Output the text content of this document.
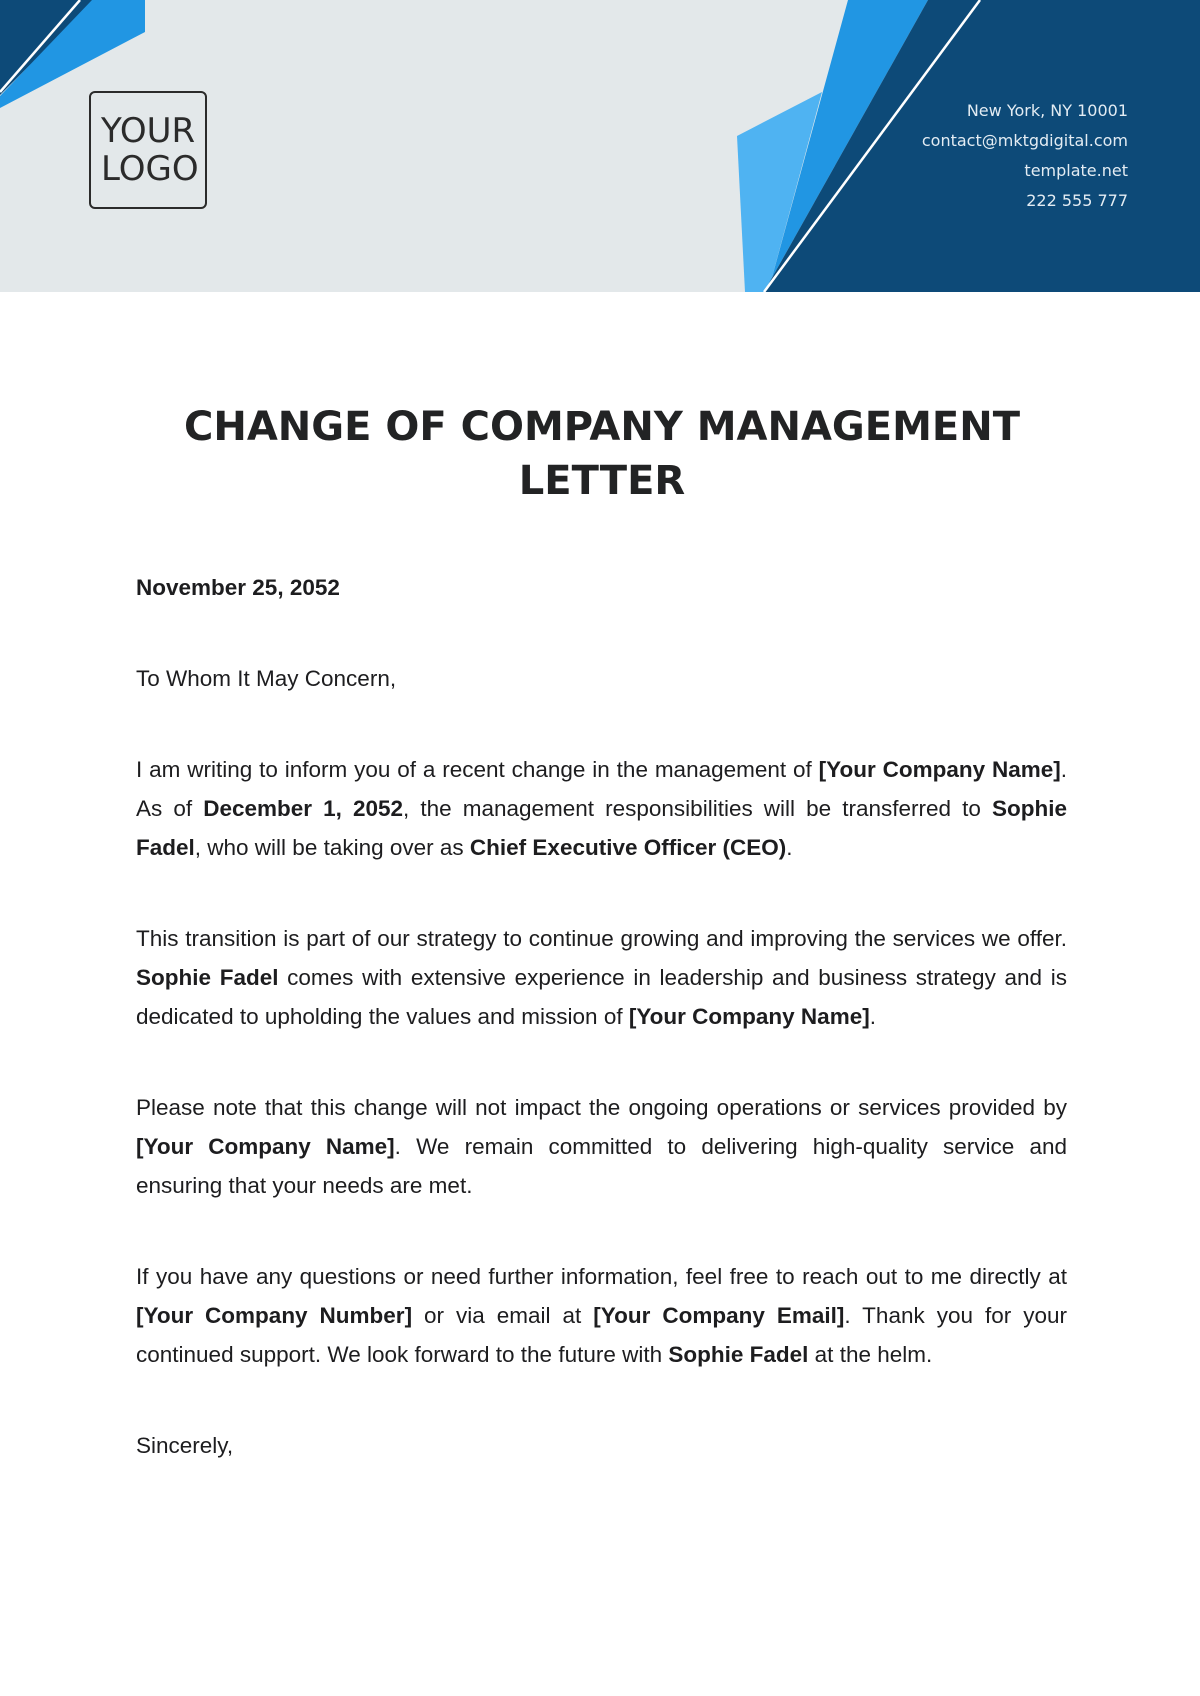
YOUR
LOGO
New York, NY 10001
contact@mktgdigital.com
template.net
222 555 777
CHANGE OF COMPANY MANAGEMENT
LETTER

November 25, 2052

To Whom It May Concern,

I am writing to inform you of a recent change in the management of [Your Company Name]. As of December 1, 2052, the management responsibilities will be transferred to Sophie Fadel, who will be taking over as Chief Executive Officer (CEO).

This transition is part of our strategy to continue growing and improving the services we offer. Sophie Fadel comes with extensive experience in leadership and business strategy and is dedicated to upholding the values and mission of [Your Company Name].

Please note that this change will not impact the ongoing operations or services provided by [Your Company Name]. We remain committed to delivering high-quality service and ensuring that your needs are met.

If you have any questions or need further information, feel free to reach out to me directly at [Your Company Number] or via email at [Your Company Email]. Thank you for your continued support. We look forward to the future with Sophie Fadel at the helm.

Sincerely,
